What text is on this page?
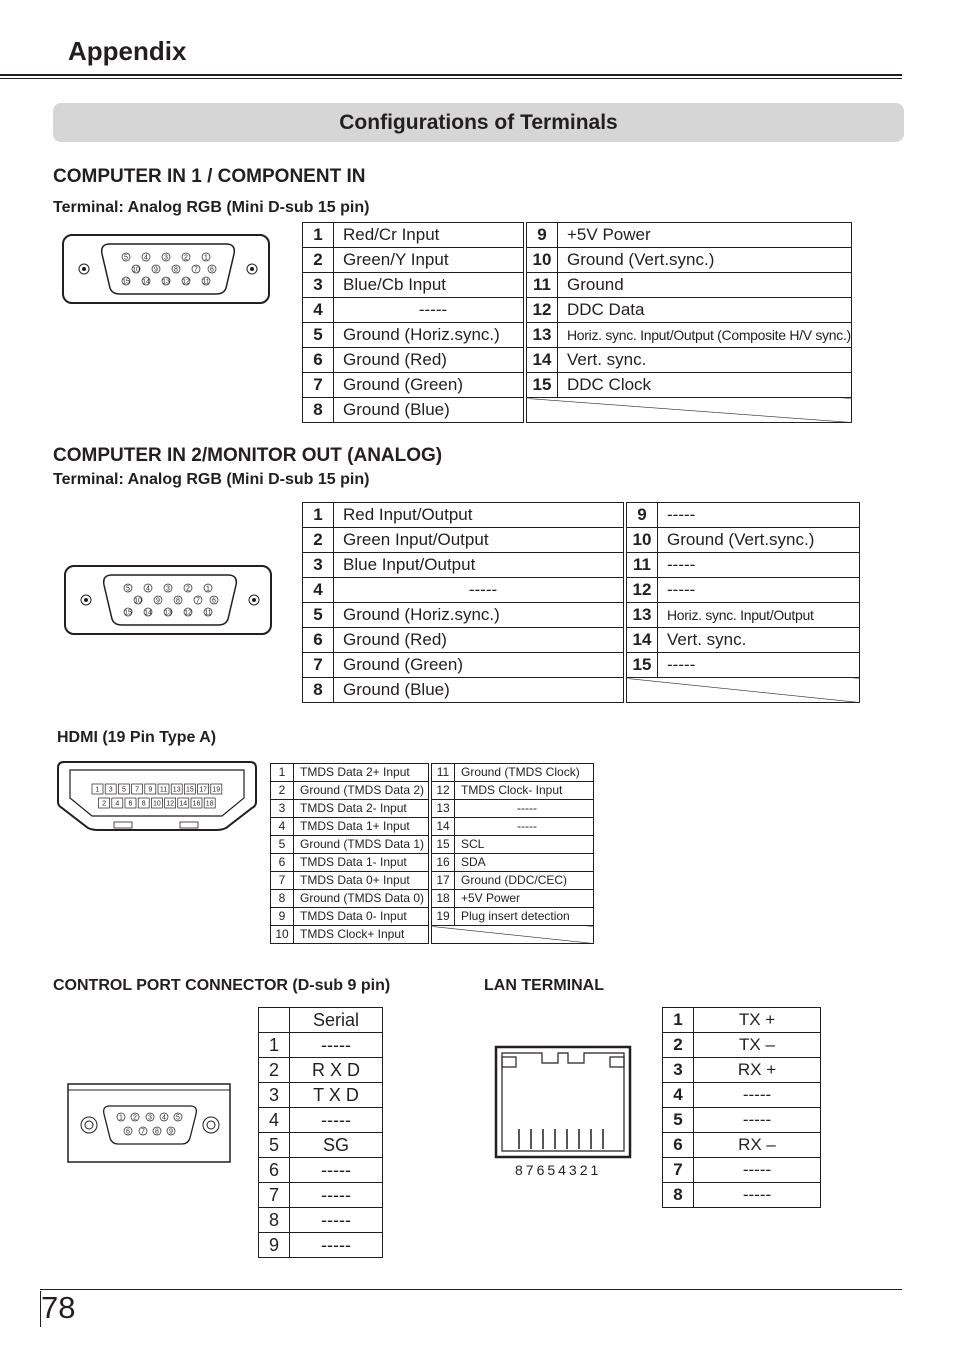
Appendix
Configurations of Terminals
COMPUTER IN 1 / COMPONENT IN
Terminal: Analog RGB (Mini D-sub 15 pin)
5 4 3 2 1
10 9 8 7 6
15 14 13 12 11
1	Red/Cr Input		9	+5V Power
2	Green/Y Input		10	Ground (Vert.sync.)
3	Blue/Cb Input		11	Ground
4	-----		12	DDC Data
5	Ground (Horiz.sync.)		13	Horiz. sync. Input/Output (Composite H/V sync.)
6	Ground (Red)		14	Vert. sync.
7	Ground (Green)		15	DDC Clock
8	Ground (Blue)			
COMPUTER IN 2/MONITOR OUT (ANALOG)
Terminal: Analog RGB (Mini D-sub 15 pin)
5 4 3 2 1
10 9 8 7 6
15 14 13 12 11
1	Red Input/Output		9	-----
2	Green Input/Output		10	Ground (Vert.sync.)
3	Blue Input/Output		11	-----
4	-----		12	-----
5	Ground (Horiz.sync.)		13	Horiz. sync. Input/Output
6	Ground (Red)		14	Vert. sync.
7	Ground (Green)		15	-----
8	Ground (Blue)			
HDMI (19 Pin Type A)
1 3 5 7 9 11 13 15 17 19
2 4 6 8 10 12 14 16 18
1	TMDS Data 2+ Input		11	Ground (TMDS Clock)
2	Ground (TMDS Data 2)		12	TMDS Clock- Input
3	TMDS Data 2- Input		13	-----
4	TMDS Data 1+ Input		14	-----
5	Ground (TMDS Data 1)		15	SCL
6	TMDS Data 1- Input		16	SDA
7	TMDS Data 0+ Input		17	Ground (DDC/CEC)
8	Ground (TMDS Data 0)		18	+5V Power
9	TMDS Data 0- Input		19	Plug insert detection
10	TMDS Clock+ Input			
CONTROL PORT CONNECTOR (D-sub 9 pin)
1 2 3 4 5
6 7 8 9
	Serial
1	-----
2	R X D
3	T X D
4	-----
5	SG
6	-----
7	-----
8	-----
9	-----
LAN TERMINAL
87654321
1	TX +
2	TX –
3	RX +
4	-----
5	-----
6	RX –
7	-----
8	-----
78
